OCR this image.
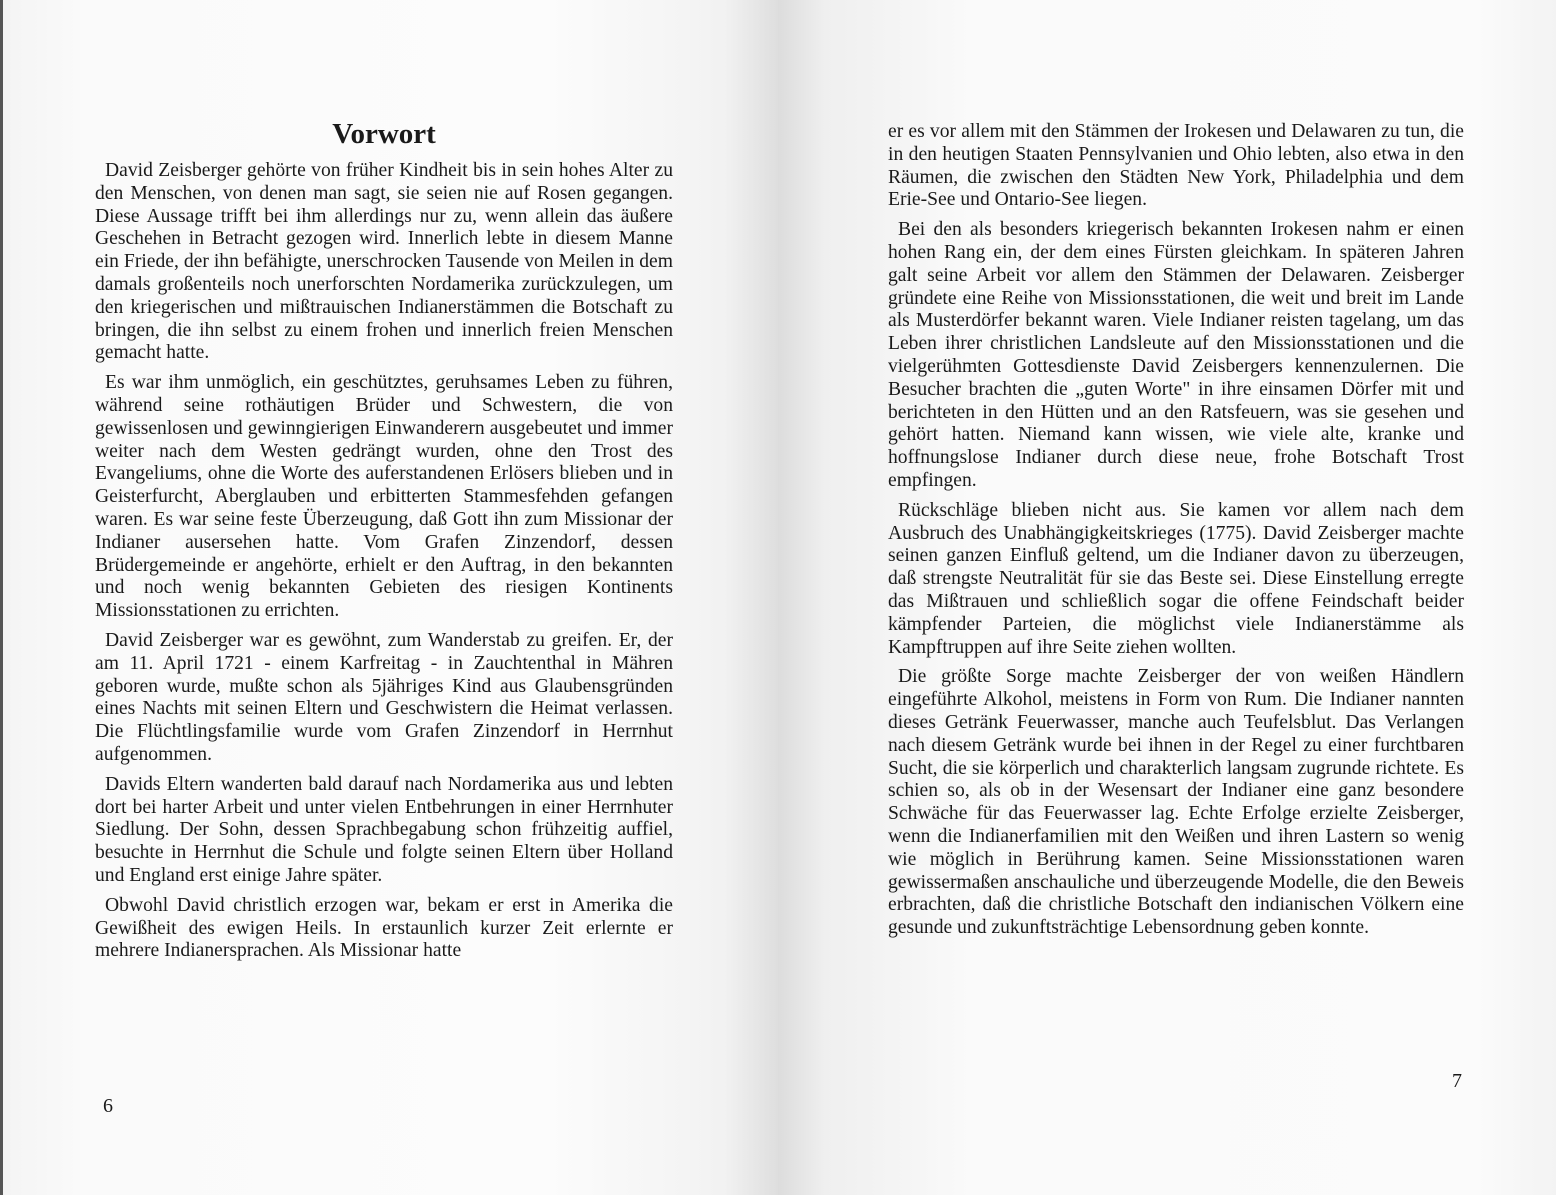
Vorwort

David Zeisberger gehörte von früher Kindheit bis in sein hohes Alter zu den Menschen, von denen man sagt, sie seien nie auf Rosen gegangen. Diese Aussage trifft bei ihm allerdings nur zu, wenn allein das äußere Geschehen in Betracht gezogen wird. Innerlich lebte in diesem Manne ein Friede, der ihn befähigte, unerschrocken Tausende von Meilen in dem damals großenteils noch unerforschten Nordamerika zurückzulegen, um den kriegerischen und mißtrauischen Indianerstämmen die Botschaft zu bringen, die ihn selbst zu einem frohen und innerlich freien Menschen gemacht hatte.

Es war ihm unmöglich, ein geschütztes, geruhsames Leben zu führen, während seine rothäutigen Brüder und Schwestern, die von gewissenlosen und gewinngierigen Einwanderern ausgebeutet und immer weiter nach dem Westen gedrängt wurden, ohne den Trost des Evangeliums, ohne die Worte des auferstandenen Erlösers blieben und in Geisterfurcht, Aberglauben und erbitterten Stammesfehden gefangen waren. Es war seine feste Überzeugung, daß Gott ihn zum Missionar der Indianer ausersehen hatte. Vom Grafen Zinzendorf, dessen Brüdergemeinde er angehörte, erhielt er den Auftrag, in den bekannten und noch wenig bekannten Gebieten des riesigen Kontinents Missionsstationen zu errichten.

David Zeisberger war es gewöhnt, zum Wanderstab zu greifen. Er, der am 11. April 1721 - einem Karfreitag - in Zauchtenthal in Mähren geboren wurde, mußte schon als 5jähriges Kind aus Glaubensgründen eines Nachts mit seinen Eltern und Geschwistern die Heimat verlassen. Die Flüchtlingsfamilie wurde vom Grafen Zinzendorf in Herrnhut aufgenommen.

Davids Eltern wanderten bald darauf nach Nordamerika aus und lebten dort bei harter Arbeit und unter vielen Entbehrungen in einer Herrnhuter Siedlung. Der Sohn, dessen Sprachbegabung schon frühzeitig auffiel, besuchte in Herrnhut die Schule und folgte seinen Eltern über Holland und England erst einige Jahre später.

Obwohl David christlich erzogen war, bekam er erst in Amerika die Gewißheit des ewigen Heils. In erstaunlich kurzer Zeit erlernte er mehrere Indianersprachen. Als Missionar hatte

6

er es vor allem mit den Stämmen der Irokesen und Delawaren zu tun, die in den heutigen Staaten Pennsylvanien und Ohio lebten, also etwa in den Räumen, die zwischen den Städten New York, Philadelphia und dem Erie-See und Ontario-See liegen.

Bei den als besonders kriegerisch bekannten Irokesen nahm er einen hohen Rang ein, der dem eines Fürsten gleichkam. In späteren Jahren galt seine Arbeit vor allem den Stämmen der Delawaren. Zeisberger gründete eine Reihe von Missionsstationen, die weit und breit im Lande als Musterdörfer bekannt waren. Viele Indianer reisten tagelang, um das Leben ihrer christlichen Landsleute auf den Missionsstationen und die vielgerühmten Gottesdienste David Zeisbergers kennenzulernen. Die Besucher brachten die „guten Worte" in ihre einsamen Dörfer mit und berichteten in den Hütten und an den Ratsfeuern, was sie gesehen und gehört hatten. Niemand kann wissen, wie viele alte, kranke und hoffnungslose Indianer durch diese neue, frohe Botschaft Trost empfingen.

Rückschläge blieben nicht aus. Sie kamen vor allem nach dem Ausbruch des Unabhängigkeitskrieges (1775). David Zeisberger machte seinen ganzen Einfluß geltend, um die Indianer davon zu überzeugen, daß strengste Neutralität für sie das Beste sei. Diese Einstellung erregte das Mißtrauen und schließlich sogar die offene Feindschaft beider kämpfender Parteien, die möglichst viele Indianerstämme als Kampftruppen auf ihre Seite ziehen wollten.

Die größte Sorge machte Zeisberger der von weißen Händlern eingeführte Alkohol, meistens in Form von Rum. Die Indianer nannten dieses Getränk Feuerwasser, manche auch Teufelsblut. Das Verlangen nach diesem Getränk wurde bei ihnen in der Regel zu einer furchtbaren Sucht, die sie körperlich und charakterlich langsam zugrunde richtete. Es schien so, als ob in der Wesensart der Indianer eine ganz besondere Schwäche für das Feuerwasser lag. Echte Erfolge erzielte Zeisberger, wenn die Indianerfamilien mit den Weißen und ihren Lastern so wenig wie möglich in Berührung kamen. Seine Missionsstationen waren gewissermaßen anschauliche und überzeugende Modelle, die den Beweis erbrachten, daß die christliche Botschaft den indianischen Völkern eine gesunde und zukunftsträchtige Lebensordnung geben konnte.

7
